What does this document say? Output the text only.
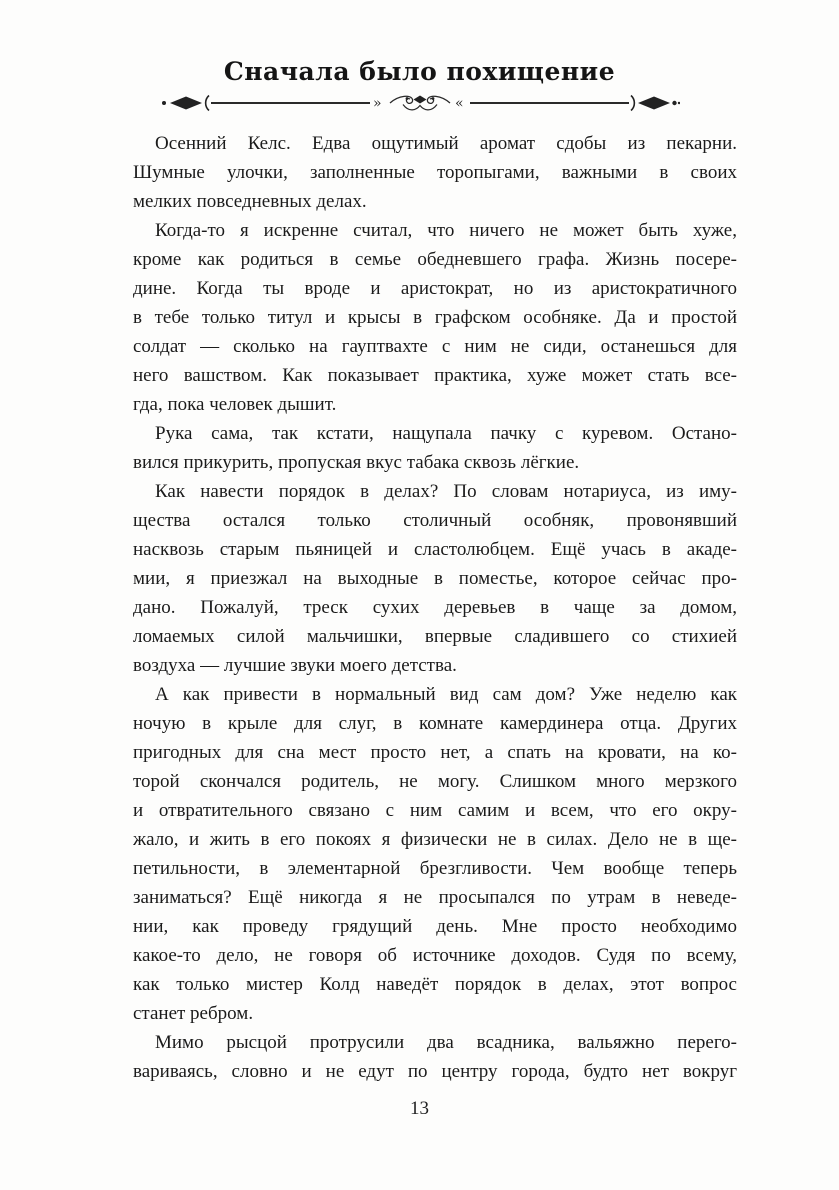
Сначала было похищение
»	«
Осенний Келс. Едва ощутимый аромат сдобы из пекарни.
Шумные улочки, заполненные торопыгами, важными в своих
мелких повседневных делах.
Когда-то я искренне считал, что ничего не может быть хуже,
кроме как родиться в семье обедневшего графа. Жизнь посере-
дине. Когда ты вроде и аристократ, но из аристократичного
в тебе только титул и крысы в графском особняке. Да и простой
солдат — сколько на гауптвахте с ним не сиди, останешься для
него вашством. Как показывает практика, хуже может стать все-
гда, пока человек дышит.
Рука сама, так кстати, нащупала пачку с куревом. Остано-
вился прикурить, пропуская вкус табака сквозь лёгкие.
Как навести порядок в делах? По словам нотариуса, из иму-
щества остался только столичный особняк, провонявший
насквозь старым пьяницей и сластолюбцем. Ещё учась в акаде-
мии, я приезжал на выходные в поместье, которое сейчас про-
дано. Пожалуй, треск сухих деревьев в чаще за домом,
ломаемых силой мальчишки, впервые сладившего со стихией
воздуха — лучшие звуки моего детства.
А как привести в нормальный вид сам дом? Уже неделю как
ночую в крыле для слуг, в комнате камердинера отца. Других
пригодных для сна мест просто нет, а спать на кровати, на ко-
торой скончался родитель, не могу. Слишком много мерзкого
и отвратительного связано с ним самим и всем, что его окру-
жало, и жить в его покоях я физически не в силах. Дело не в ще-
петильности, в элементарной брезгливости. Чем вообще теперь
заниматься? Ещё никогда я не просыпался по утрам в неведе-
нии, как проведу грядущий день. Мне просто необходимо
какое-то дело, не говоря об источнике доходов. Судя по всему,
как только мистер Колд наведёт порядок в делах, этот вопрос
станет ребром.
Мимо рысцой протрусили два всадника, вальяжно перего-
вариваясь, словно и не едут по центру города, будто нет вокруг
13
